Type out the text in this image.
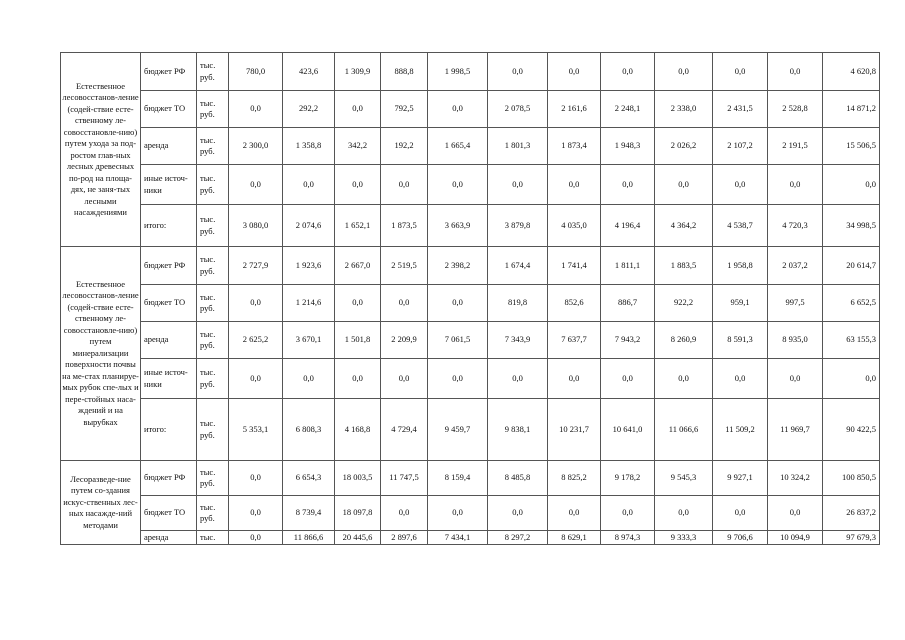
Естественное лесовосстанов-ление (содей-ствие есте-ственному ле-совосстановле-нию) путем ухода за под-ростом глав-ных лесных древесных по-род на площа-дях, не заня-тых лесными насаждениями	бюджет РФ	тыс. руб.	780,0	423,6	1 309,9	888,8	1 998,5	0,0	0,0	0,0	0,0	0,0	0,0	4 620,8	
	бюджет ТО	тыс. руб.	0,0	292,2	0,0	792,5	0,0	2 078,5	2 161,6	2 248,1	2 338,0	2 431,5	2 528,8	14 871,2	
	аренда	тыс. руб.	2 300,0	1 358,8	342,2	192,2	1 665,4	1 801,3	1 873,4	1 948,3	2 026,2	2 107,2	2 191,5	15 506,5	
	иные источ-ники	тыс. руб.	0,0	0,0	0,0	0,0	0,0	0,0	0,0	0,0	0,0	0,0	0,0	0,0	
	итого:	тыс. руб.	3 080,0	2 074,6	1 652,1	1 873,5	3 663,9	3 879,8	4 035,0	4 196,4	4 364,2	4 538,7	4 720,3	34 998,5	
Естественное лесовосстанов-ление (содей-ствие есте-ственному ле-совосстановле-нию) путем минерализации поверхности почвы на ме-стах планируе-мых рубок спе-лых и пере-стойных наса-ждений и на вырубках	бюджет РФ	тыс. руб.	2 727,9	1 923,6	2 667,0	2 519,5	2 398,2	1 674,4	1 741,4	1 811,1	1 883,5	1 958,8	2 037,2	20 614,7	
	бюджет ТО	тыс. руб.	0,0	1 214,6	0,0	0,0	0,0	819,8	852,6	886,7	922,2	959,1	997,5	6 652,5	
	аренда	тыс. руб.	2 625,2	3 670,1	1 501,8	2 209,9	7 061,5	7 343,9	7 637,7	7 943,2	8 260,9	8 591,3	8 935,0	63 155,3	
	иные источ-ники	тыс. руб.	0,0	0,0	0,0	0,0	0,0	0,0	0,0	0,0	0,0	0,0	0,0	0,0	
	итого:	тыс. руб.	5 353,1	6 808,3	4 168,8	4 729,4	9 459,7	9 838,1	10 231,7	10 641,0	11 066,6	11 509,2	11 969,7	90 422,5	
Лесоразведе-ние путем со-здания искус-ственных лес-ных насажде-ний методами	бюджет РФ	тыс. руб.	0,0	6 654,3	18 003,5	11 747,5	8 159,4	8 485,8	8 825,2	9 178,2	9 545,3	9 927,1	10 324,2	100 850,5	
	бюджет ТО	тыс. руб.	0,0	8 739,4	18 097,8	0,0	0,0	0,0	0,0	0,0	0,0	0,0	0,0	26 837,2	
	аренда	тыс.	0,0	11 866,6	20 445,6	2 897,6	7 434,1	8 297,2	8 629,1	8 974,3	9 333,3	9 706,6	10 094,9	97 679,3	
